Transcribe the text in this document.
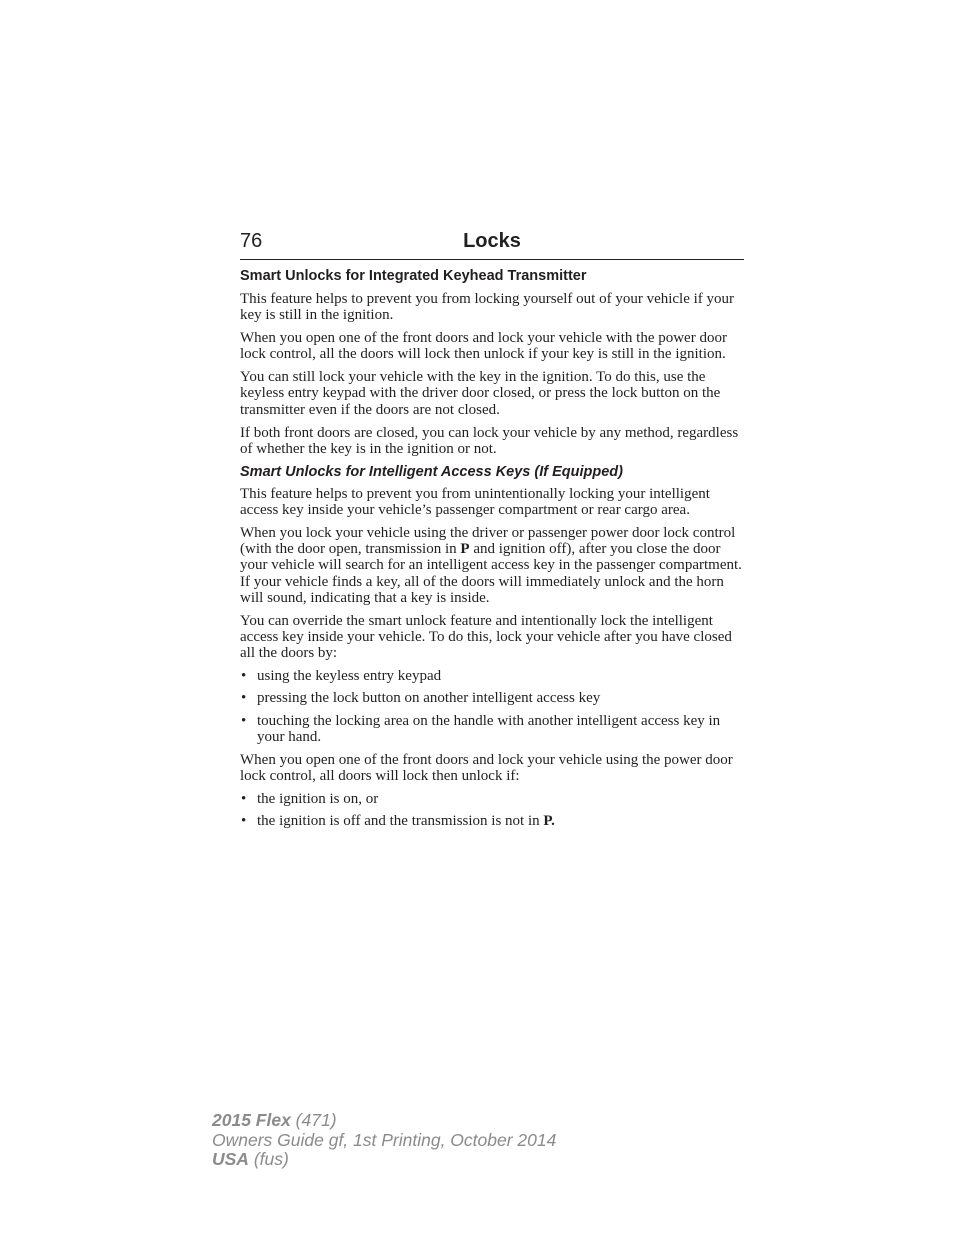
76	Locks
Smart Unlocks for Integrated Keyhead Transmitter

This feature helps to prevent you from locking yourself out of your vehicle if your key is still in the ignition.

When you open one of the front doors and lock your vehicle with the power door lock control, all the doors will lock then unlock if your key is still in the ignition.

You can still lock your vehicle with the key in the ignition. To do this, use the keyless entry keypad with the driver door closed, or press the lock button on the transmitter even if the doors are not closed.

If both front doors are closed, you can lock your vehicle by any method, regardless of whether the key is in the ignition or not.

Smart Unlocks for Intelligent Access Keys (If Equipped)

This feature helps to prevent you from unintentionally locking your intelligent access key inside your vehicle’s passenger compartment or rear cargo area.

When you lock your vehicle using the driver or passenger power door lock control (with the door open, transmission in P and ignition off), after you close the door your vehicle will search for an intelligent access key in the passenger compartment. If your vehicle finds a key, all of the doors will immediately unlock and the horn will sound, indicating that a key is inside.

You can override the smart unlock feature and intentionally lock the intelligent access key inside your vehicle. To do this, lock your vehicle after you have closed all the doors by:

• using the keyless entry keypad
• pressing the lock button on another intelligent access key
• touching the locking area on the handle with another intelligent access key in your hand.

When you open one of the front doors and lock your vehicle using the power door lock control, all doors will lock then unlock if:

• the ignition is on, or
• the ignition is off and the transmission is not in P.
2015 Flex (471)
Owners Guide gf, 1st Printing, October 2014
USA (fus)
